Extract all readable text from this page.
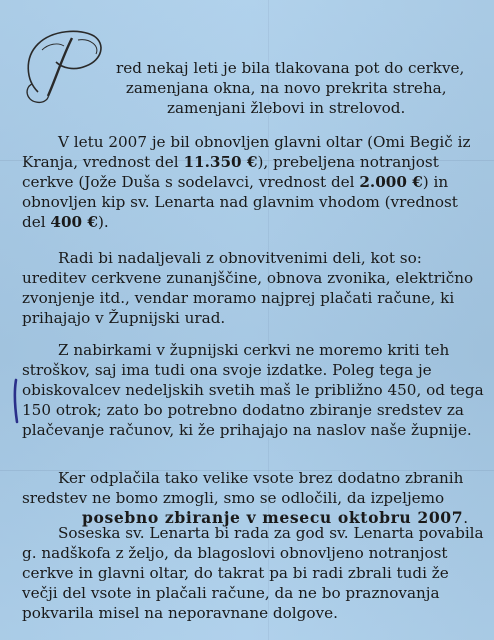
P
red nekaj leti je bila tlakovana pot do cerkve,
zamenjana okna, na novo prekrita streha,
zamenjani žlebovi in strelovod.
V letu 2007 je bil obnovljen glavni oltar (Omi Begič iz
Kranja, vrednost del 11.350 €), prebeljena notranjost
cerkve (Jože Duša s sodelavci, vrednost del 2.000 €) in
obnovljen kip sv. Lenarta nad glavnim vhodom (vrednost
del 400 €).
Radi bi nadaljevali z obnovitvenimi deli, kot so:
ureditev cerkvene zunanjščine, obnova zvonika, električno
zvonjenje itd., vendar moramo najprej plačati račune, ki
prihajajo v Župnijski urad.
Z nabirkami v župnijski cerkvi ne moremo kriti teh
stroškov, saj ima tudi ona svoje izdatke. Poleg tega je
obiskovalcev nedeljskih svetih maš le približno 450, od tega
150 otrok; zato bo potrebno dodatno zbiranje sredstev za
plačevanje računov, ki že prihajajo na naslov naše župnije.
Ker odplačila tako velike vsote brez dodatno zbranih
sredstev ne bomo zmogli, smo se odločili, da izpeljemo
posebno zbiranje v mesecu oktobru 2007.
Soseska sv. Lenarta bi rada za god sv. Lenarta povabila
g. nadškofa z željo, da blagoslovi obnovljeno notranjost
cerkve in glavni oltar, do takrat pa bi radi zbrali tudi že
večji del vsote in plačali račune, da ne bo praznovanja
pokvarila misel na neporavnane dolgove.
